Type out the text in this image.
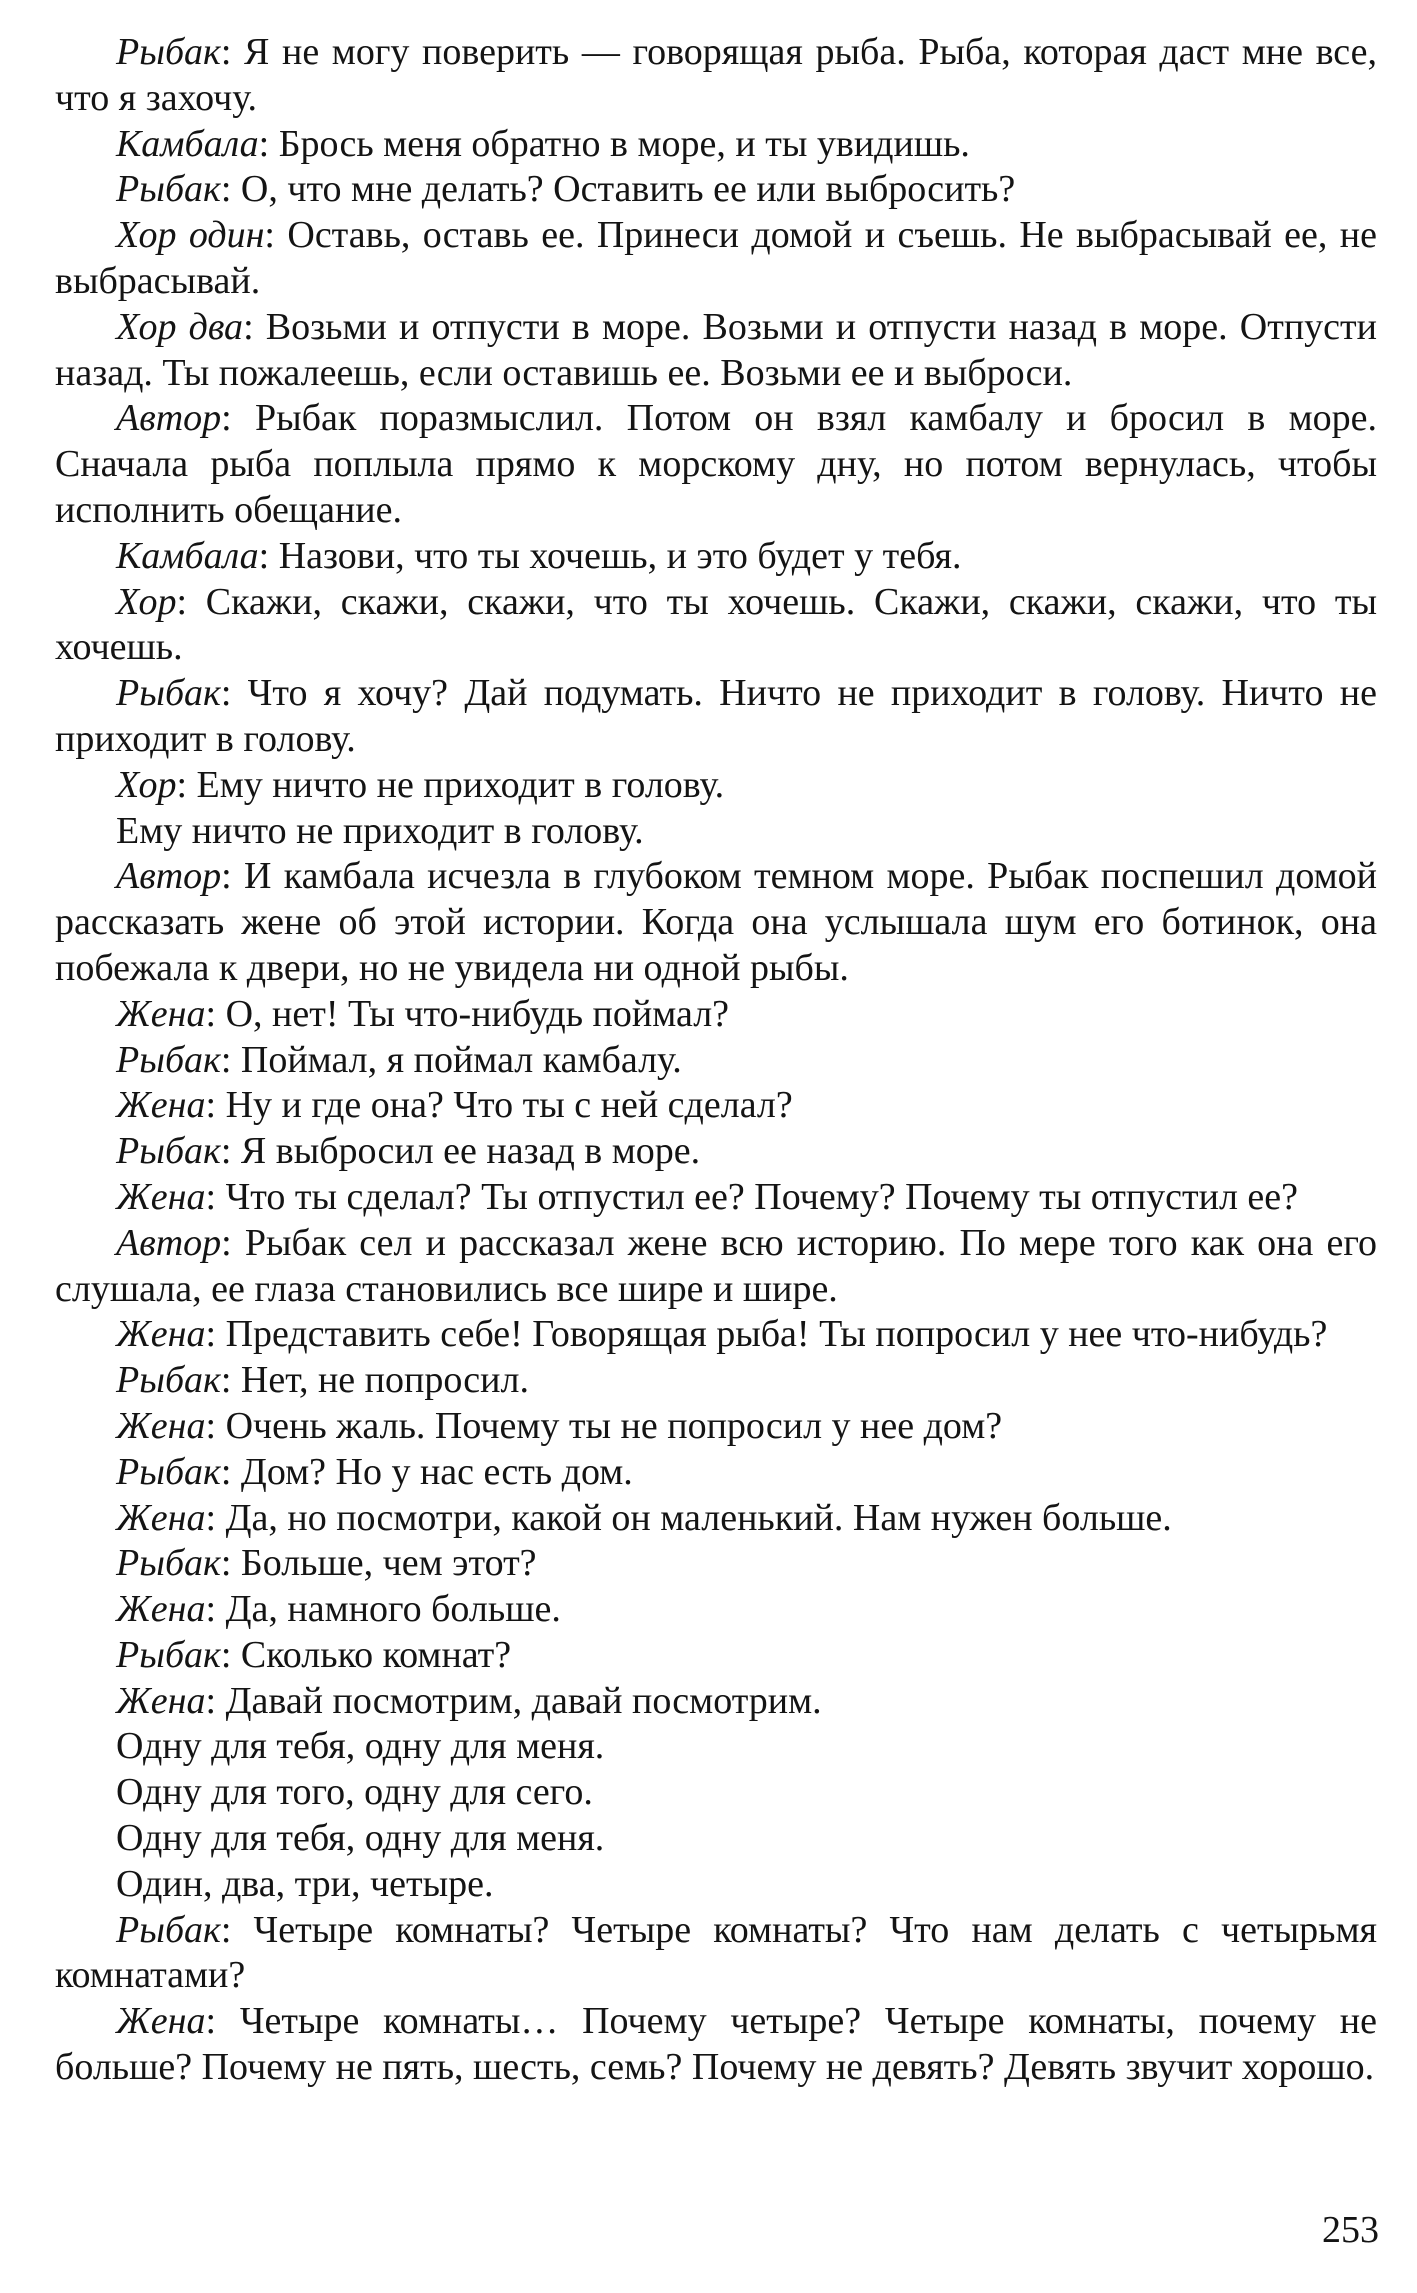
Рыбак: Я не могу поверить — говорящая рыба. Рыба, которая даст мне все, что я захочу.

Камбала: Брось меня обратно в море, и ты увидишь.

Рыбак: О, что мне делать? Оставить ее или выбросить?

Хор один: Оставь, оставь ее. Принеси домой и съешь. Не выбрасывай ее, не выбрасывай.

Хор два: Возьми и отпусти в море. Возьми и отпусти назад в море. Отпусти назад. Ты пожалеешь, если оставишь ее. Возьми ее и выброси.

Автор: Рыбак поразмыслил. Потом он взял камбалу и бросил в море. Сначала рыба поплыла прямо к морскому дну, но потом вернулась, чтобы исполнить обещание.

Камбала: Назови, что ты хочешь, и это будет у тебя.

Хор: Скажи, скажи, скажи, что ты хочешь. Скажи, скажи, скажи, что ты хочешь.

Рыбак: Что я хочу? Дай подумать. Ничто не приходит в голову. Ничто не приходит в голову.

Хор: Ему ничто не приходит в голову.

Ему ничто не приходит в голову.

Автор: И камбала исчезла в глубоком темном море. Рыбак поспешил домой рассказать жене об этой истории. Когда она услышала шум его ботинок, она побежала к двери, но не увидела ни одной рыбы.

Жена: О, нет! Ты что-нибудь поймал?

Рыбак: Поймал, я поймал камбалу.

Жена: Ну и где она? Что ты с ней сделал?

Рыбак: Я выбросил ее назад в море.

Жена: Что ты сделал? Ты отпустил ее? Почему? Почему ты отпустил ее?

Автор: Рыбак сел и рассказал жене всю историю. По мере того как она его слушала, ее глаза становились все шире и шире.

Жена: Представить себе! Говорящая рыба! Ты попросил у нее что-нибудь?

Рыбак: Нет, не попросил.

Жена: Очень жаль. Почему ты не попросил у нее дом?

Рыбак: Дом? Но у нас есть дом.

Жена: Да, но посмотри, какой он маленький. Нам нужен больше.

Рыбак: Больше, чем этот?

Жена: Да, намного больше.

Рыбак: Сколько комнат?

Жена: Давай посмотрим, давай посмотрим.

Одну для тебя, одну для меня.

Одну для того, одну для сего.

Одну для тебя, одну для меня.

Один, два, три, четыре.

Рыбак: Четыре комнаты? Четыре комнаты? Что нам делать с четырьмя комнатами?

Жена: Четыре комнаты… Почему четыре? Четыре комнаты, почему не больше? Почему не пять, шесть, семь? Почему не девять? Девять звучит хорошо.

253
